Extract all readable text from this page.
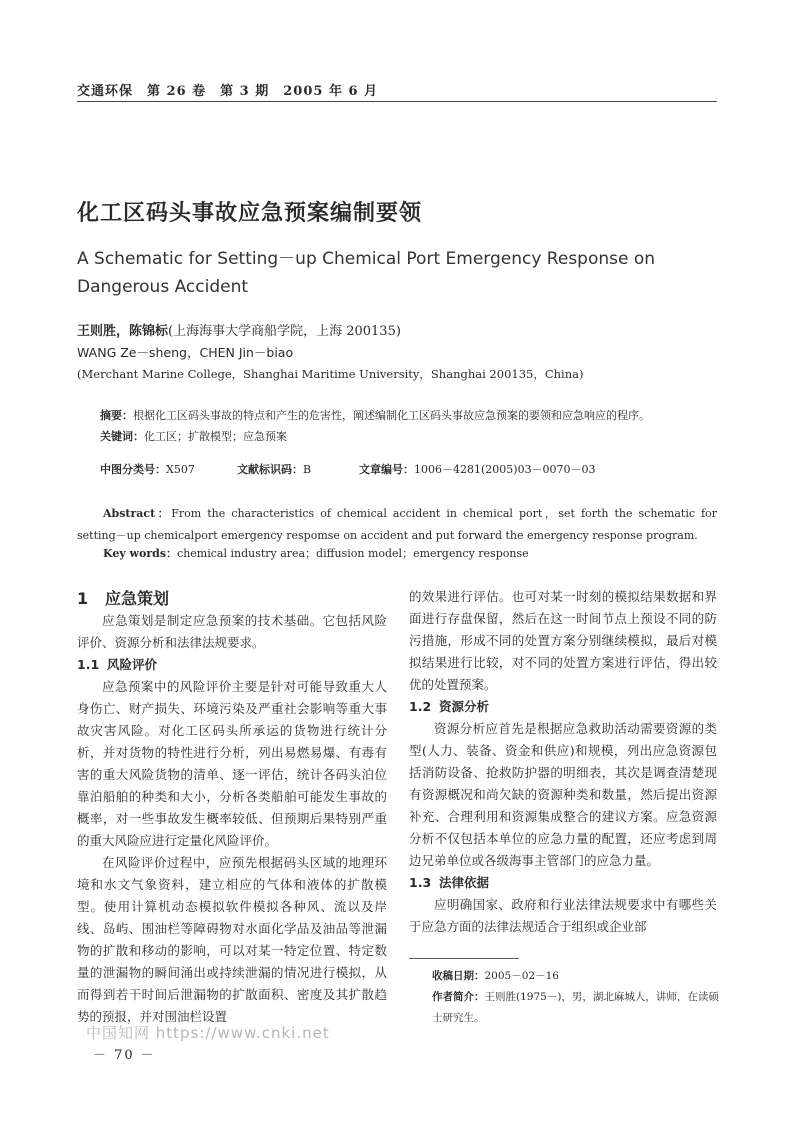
交通环保　第 26 卷　第 3 期　2005 年 6 月
化工区码头事故应急预案编制要领
A Schematic for Setting－up Chemical Port Emergency Response on Dangerous Accident
王则胜，陈锦标(上海海事大学商船学院，上海 200135)
WANG Ze－sheng，CHEN Jin－biao
(Merchant Marine College，Shanghai Maritime University，Shanghai 200135，China)
摘要：根据化工区码头事故的特点和产生的危害性，阐述编制化工区码头事故应急预案的要领和应急响应的程序。
关键词：化工区；扩散模型；应急预案
中图分类号：X507	文献标识码：B	文章编号：1006－4281(2005)03－0070－03
Abstract：From the characteristics of chemical accident in chemical port，set forth the schematic for setting－up chemicalport emergency respomse on accident and put forward the emergency response program.
Key words：chemical industry area；diffusion model；emergency response

1 应急策划

应急策划是制定应急预案的技术基础。它包括风险评价、资源分析和法律法规要求。

1.1 风险评价

应急预案中的风险评价主要是针对可能导致重大人身伤亡、财产损失、环境污染及严重社会影响等重大事故灾害风险。对化工区码头所承运的货物进行统计分析，并对货物的特性进行分析，列出易燃易爆、有毒有害的重大风险货物的清单、逐一评估，统计各码头泊位靠泊船舶的种类和大小，分析各类船舶可能发生事故的概率，对一些事故发生概率较低、但预期后果特别严重的重大风险应进行定量化风险评价。

在风险评价过程中，应预先根据码头区域的地理环境和水文气象资料，建立相应的气体和液体的扩散模型。使用计算机动态模拟软件模拟各种风、流以及岸线、岛屿、围油栏等障碍物对水面化学品及油品等泄漏物的扩散和移动的影响，可以对某一特定位置、特定数量的泄漏物的瞬间涌出或持续泄漏的情况进行模拟，从而得到若干时间后泄漏物的扩散面积、密度及其扩散趋势的预报，并对围油栏设置

的效果进行评估。也可对某一时刻的模拟结果数据和界面进行存盘保留，然后在这一时间节点上预设不同的防污措施，形成不同的处置方案分别继续模拟，最后对模拟结果进行比较，对不同的处置方案进行评估，得出较优的处置预案。

1.2 资源分析

资源分析应首先是根据应急救助活动需要资源的类型(人力、装备、资金和供应)和规模，列出应急资源包括消防设备、抢救防护器的明细表，其次是调查清楚现有资源概况和尚欠缺的资源种类和数量，然后提出资源补充、合理利用和资源集成整合的建议方案。应急资源分析不仅包括本单位的应急力量的配置，还应考虑到周边兄弟单位或各级海事主管部门的应急力量。

1.3 法律依据

应明确国家、政府和行业法律法规要求中有哪些关于应急方面的法律法规适合于组织或企业部

收稿日期：2005－02－16
作者简介：王则胜(1975－)，男，湖北麻城人，讲师，在读硕士研究生。
中国知网 https://www.cnki.net
－ 70 －
